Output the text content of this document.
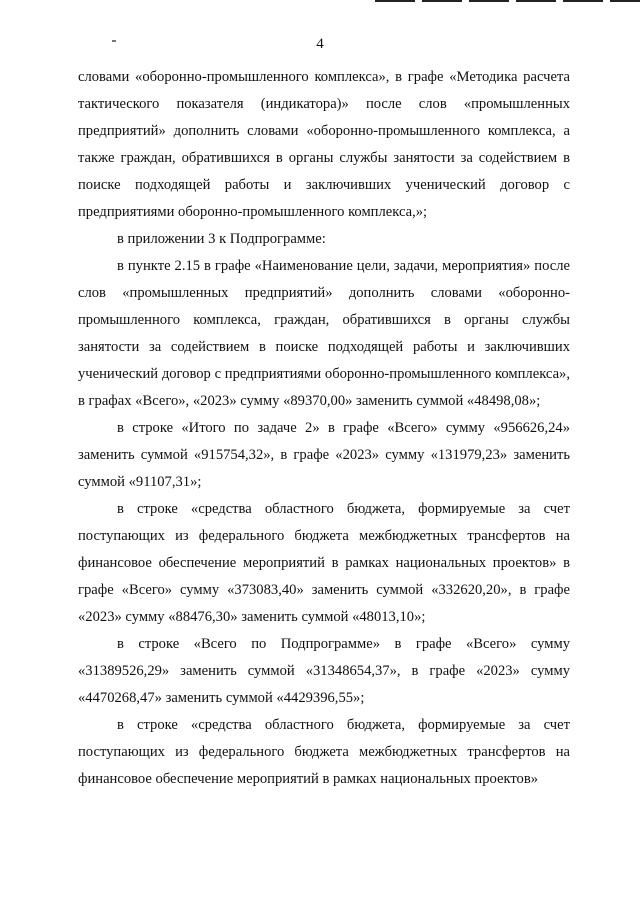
4

словами «оборонно-промышленного комплекса», в графе «Методика расчета тактического показателя (индикатора)» после слов «промышленных предприятий» дополнить словами «оборонно-промышленного комплекса, а также граждан, обратившихся в органы службы занятости за содействием в поиске подходящей работы и заключивших ученический договор с предприятиями оборонно-промышленного комплекса,»;

в приложении 3 к Подпрограмме:

в пункте 2.15 в графе «Наименование цели, задачи, мероприятия» после слов «промышленных предприятий» дополнить словами «оборонно-промышленного комплекса, граждан, обратившихся в органы службы занятости за содействием в поиске подходящей работы и заключивших ученический договор с предприятиями оборонно-промышленного комплекса», в графах «Всего», «2023» сумму «89370,00» заменить суммой «48498,08»;

в строке «Итого по задаче 2» в графе «Всего» сумму «956626,24» заменить суммой «915754,32», в графе «2023» сумму «131979,23» заменить суммой «91107,31»;

в строке «средства областного бюджета, формируемые за счет поступающих из федерального бюджета межбюджетных трансфертов на финансовое обеспечение мероприятий в рамках национальных проектов» в графе «Всего» сумму «373083,40» заменить суммой «332620,20», в графе «2023» сумму «88476,30» заменить суммой «48013,10»;

в строке «Всего по Подпрограмме» в графе «Всего» сумму «31389526,29» заменить суммой «31348654,37», в графе «2023» сумму «4470268,47» заменить суммой «4429396,55»;

в строке «средства областного бюджета, формируемые за счет поступающих из федерального бюджета межбюджетных трансфертов на финансовое обеспечение мероприятий в рамках национальных проектов»
